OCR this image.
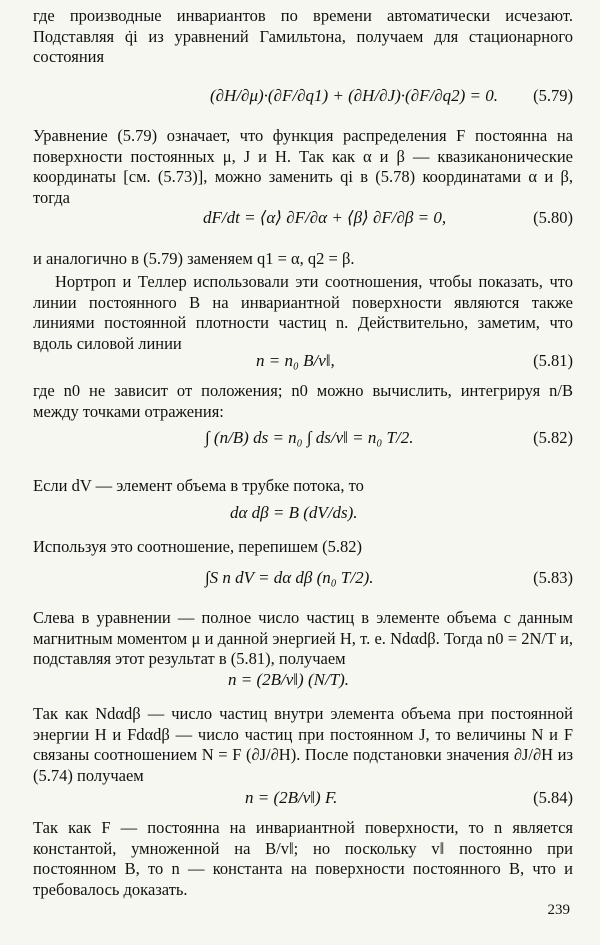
где производные инвариантов по времени автоматически исчезают. Подставляя q̇i из уравнений Гамильтона, получаем для стационарного состояния

(∂H/∂μ)·(∂F/∂q1) + (∂H/∂J)·(∂F/∂q2) = 0. (5.79)

Уравнение (5.79) означает, что функция распределения F постоянна на поверхности постоянных μ, J и H. Так как α и β — квазиканонические координаты [см. (5.73)], можно заменить qi в (5.78) координатами α и β, тогда

dF/dt = ⟨α̇⟩ ∂F/∂α + ⟨β̇⟩ ∂F/∂β = 0,	(5.80)

и аналогично в (5.79) заменяем q1 = α, q2 = β.

Нортроп и Теллер использовали эти соотношения, чтобы показать, что линии постоянного B на инвариантной поверхности являются также линиями постоянной плотности частиц n. Действительно, заметим, что вдоль силовой линии

n = n₀ B/v‖,	(5.81)

где n0 не зависит от положения; n0 можно вычислить, интегрируя n/B между точками отражения:

∫ (n/B) ds = n₀ ∫ ds/v‖ = n₀ T/2.	(5.82)

Если dV — элемент объема в трубке потока, то

dα dβ = B (dV/ds).

Используя это соотношение, перепишем (5.82)

∫S n dV = dα dβ (n₀ T/2).	(5.83)

Слева в уравнении — полное число частиц в элементе объема с данным магнитным моментом μ и данной энергией H, т. е. Ndαdβ. Тогда n0 = 2N/T и, подставляя этот результат в (5.81), получаем

n = (2B/v‖) (N/T).

Так как Ndαdβ — число частиц внутри элемента объема при постоянной энергии H и Fdαdβ — число частиц при постоянном J, то величины N и F связаны соотношением N = F (∂J/∂H). После подстановки значения ∂J/∂H из (5.74) получаем

n = (2B/v‖) F.	(5.84)

Так как F — постоянна на инвариантной поверхности, то n является константой, умноженной на B/v‖; но поскольку v‖ постоянно при постоянном B, то n — константа на поверхности постоянного B, что и требовалось доказать.

239
